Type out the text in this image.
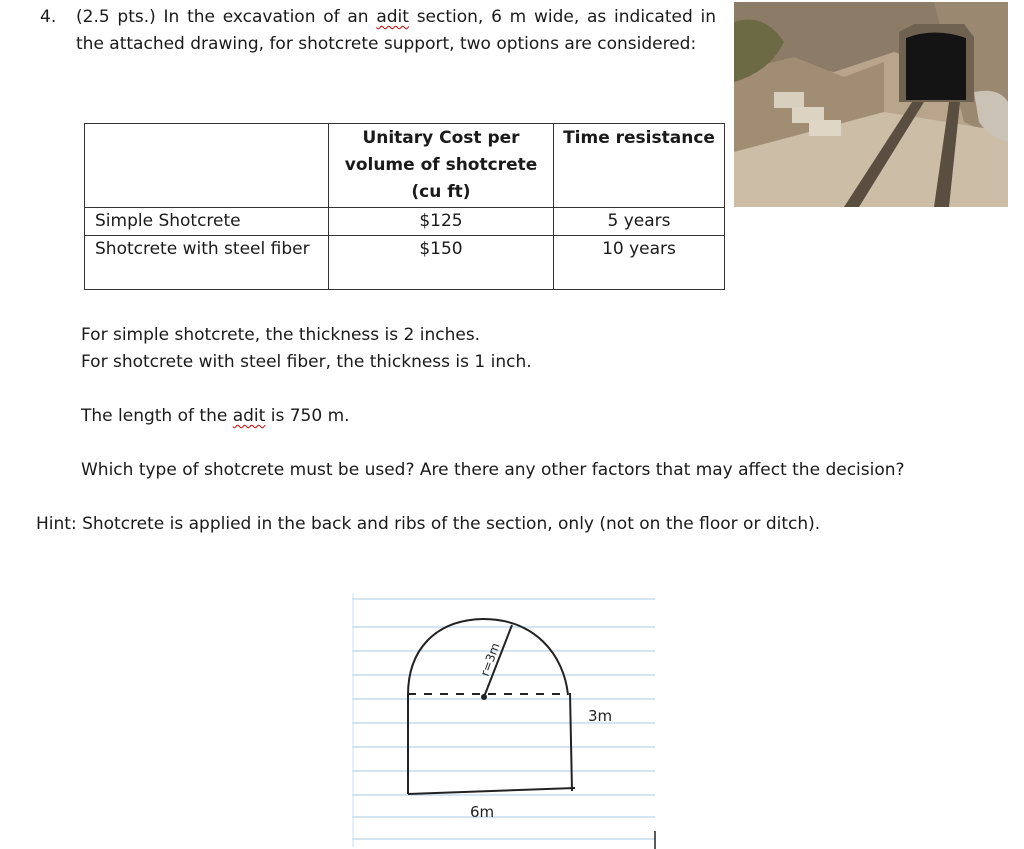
4. (2.5 pts.) In the excavation of an adit section, 6 m wide, as indicated in the attached drawing, for shotcrete support, two options are considered:
	Unitary Cost per volume of shotcrete (cu ft)	Time resistance
Simple Shotcrete	$125	5 years
Shotcrete with steel fiber	$150	10 years
For simple shotcrete, the thickness is 2 inches.
For shotcrete with steel fiber, the thickness is 1 inch.
The length of the adit is 750 m.
Which type of shotcrete must be used? Are there any other factors that may affect the decision?
Hint: Shotcrete is applied in the back and ribs of the section, only (not on the floor or ditch).
r=3m
3m
6m
